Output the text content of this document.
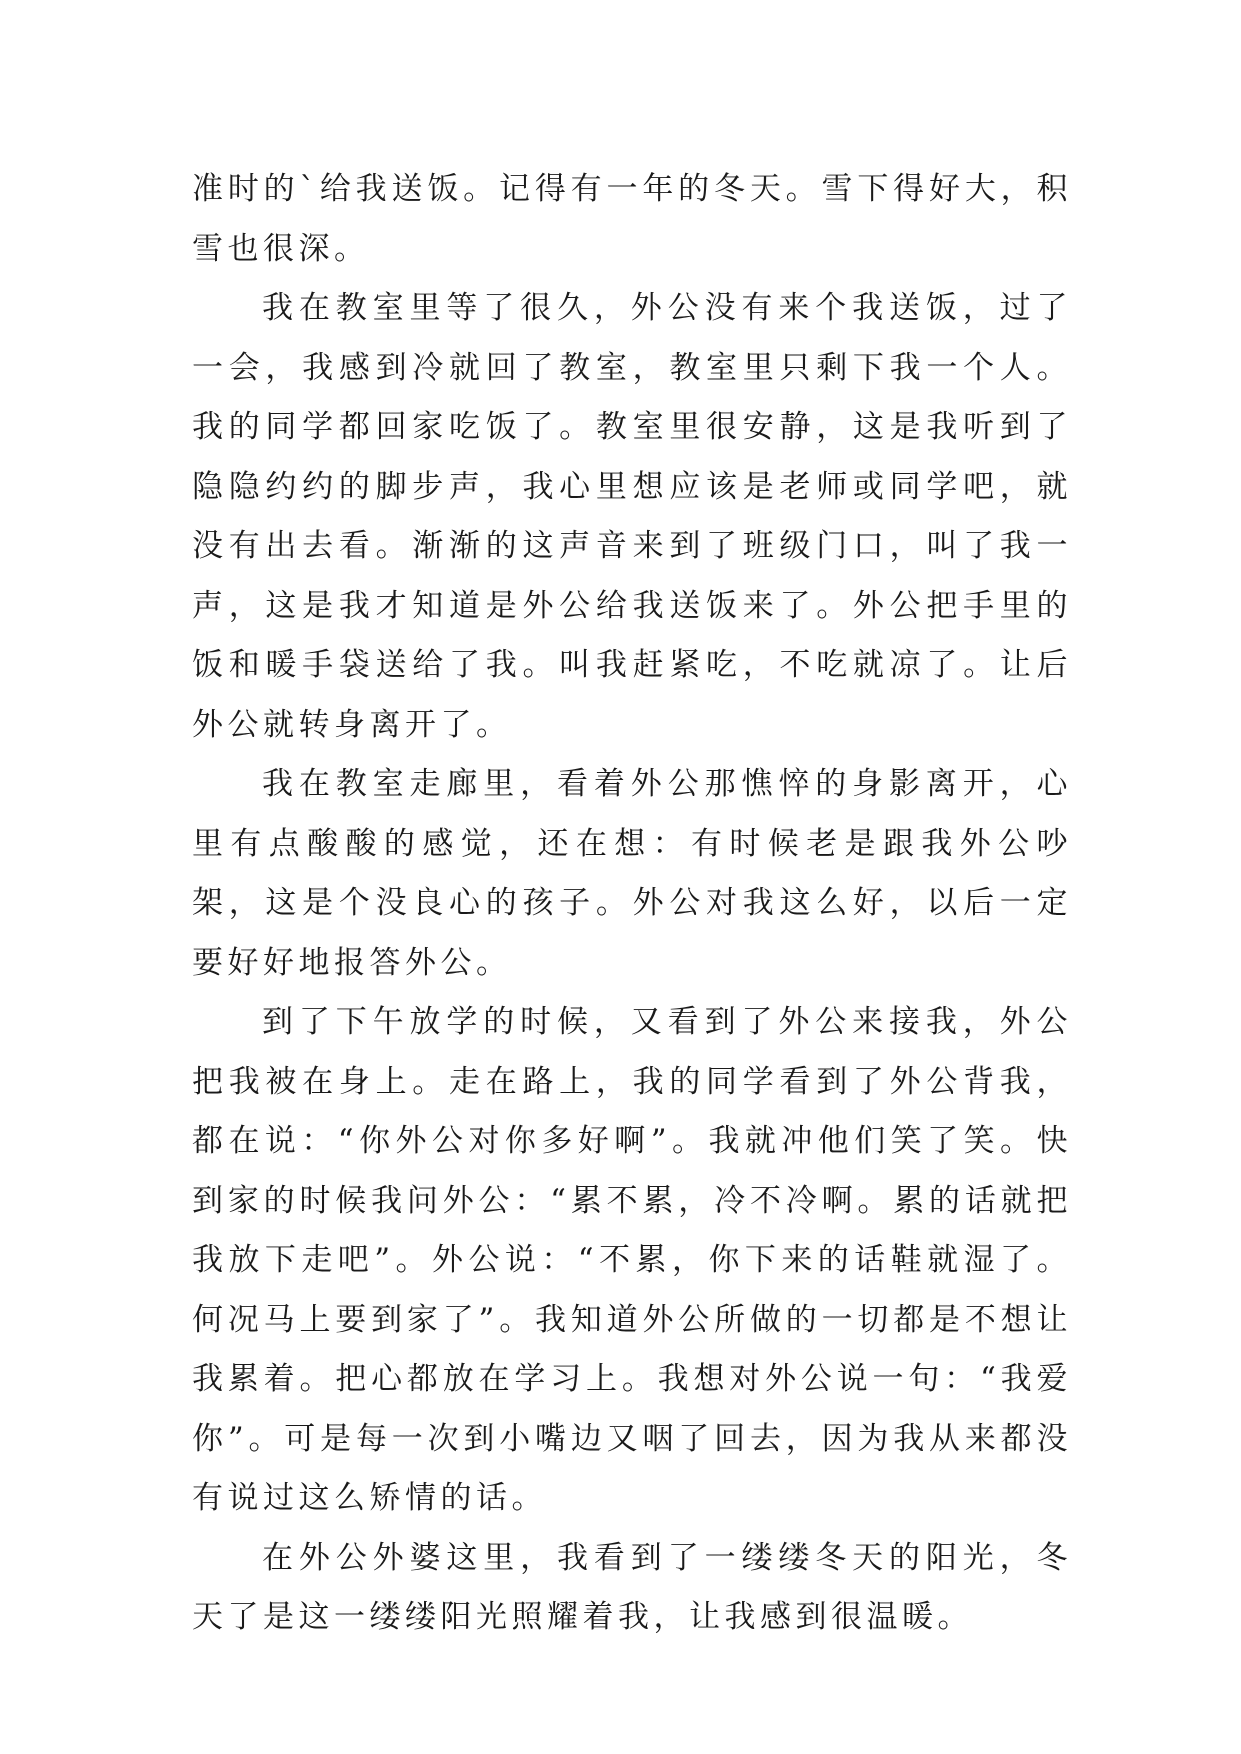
准时的`给我送饭。记得有一年的冬天。雪下得好大，积雪也很深。

我在教室里等了很久，外公没有来个我送饭，过了一会，我感到冷就回了教室，教室里只剩下我一个人。我的同学都回家吃饭了。教室里很安静，这是我听到了隐隐约约的脚步声，我心里想应该是老师或同学吧，就没有出去看。渐渐的这声音来到了班级门口，叫了我一声，这是我才知道是外公给我送饭来了。外公把手里的饭和暖手袋送给了我。叫我赶紧吃，不吃就凉了。让后外公就转身离开了。

我在教室走廊里，看着外公那憔悴的身影离开，心里有点酸酸的感觉，还在想：有时候老是跟我外公吵架，这是个没良心的孩子。外公对我这么好，以后一定要好好地报答外公。

到了下午放学的时候，又看到了外公来接我，外公把我被在身上。走在路上，我的同学看到了外公背我，都在说：“你外公对你多好啊”。我就冲他们笑了笑。快到家的时候我问外公：“累不累，冷不冷啊。累的话就把我放下走吧”。外公说：“不累，你下来的话鞋就湿了。何况马上要到家了”。我知道外公所做的一切都是不想让我累着。把心都放在学习上。我想对外公说一句：“我爱你”。可是每一次到小嘴边又咽了回去，因为我从来都没有说过这么矫情的话。

在外公外婆这里，我看到了一缕缕冬天的阳光，冬天了是这一缕缕阳光照耀着我，让我感到很温暖。
